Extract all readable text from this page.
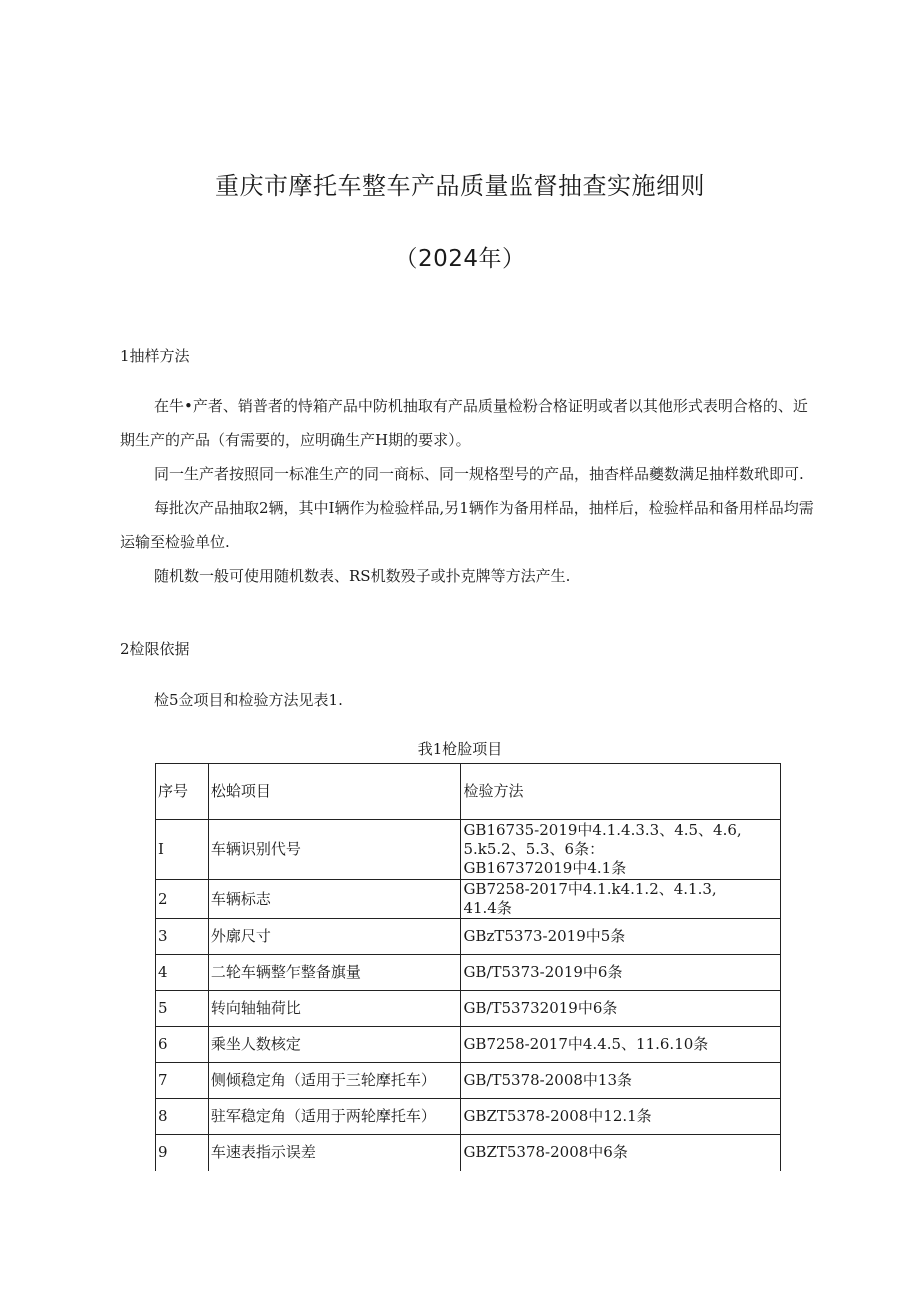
重庆市摩托车整车产品质量监督抽查实施细则
（2024年）
1抽样方法
在牛•产者、销普者的恃箱产品中防机抽取有产品质量检粉合格证明或者以其他形式表明合格的、近期生产的产品（有需要的，应明确生产H期的要求）。
同一生产者按照同一标准生产的同一商标、同一规格型号的产品，抽杳样品夔数满足抽样数玳即可.
每批次产品抽取2辆，其中I辆作为检验样品,另1辆作为备用样品，抽样后，检验样品和备用样品均需运输至检验单位.
随机数一般可使用随机数表、RS机数殁子或扑克牌等方法产生.
2检限依据
检5佥项目和检验方法见表1.
我1枪脸项目
序号	松蛤项目	检验方法
I	车辆识别代号	GB16735-2019中4.1.4.3.3、4.5、4.6,
5.k5.2、5.3、6条：
GB167372019中4.1条
2	车辆标志	GB7258-2017中4.1.k4.1.2、4.1.3,
41.4条
3	外廓尺寸	GBzT5373-2019中5条
4	二轮车辆整乍整备旗量	GB/T5373-2019中6条
5	转向轴轴荷比	GB/T53732019中6条
6	乘坐人数核定	GB7258-2017中4.4.5、11.6.10条
7	侧倾稳定角（适用于三轮摩托车）	GB/T5378-2008中13条
8	驻军稳定角（适用于两轮摩托车）	GBZT5378-2008中12.1条
9	车速表指示误差	GBZT5378-2008中6条
